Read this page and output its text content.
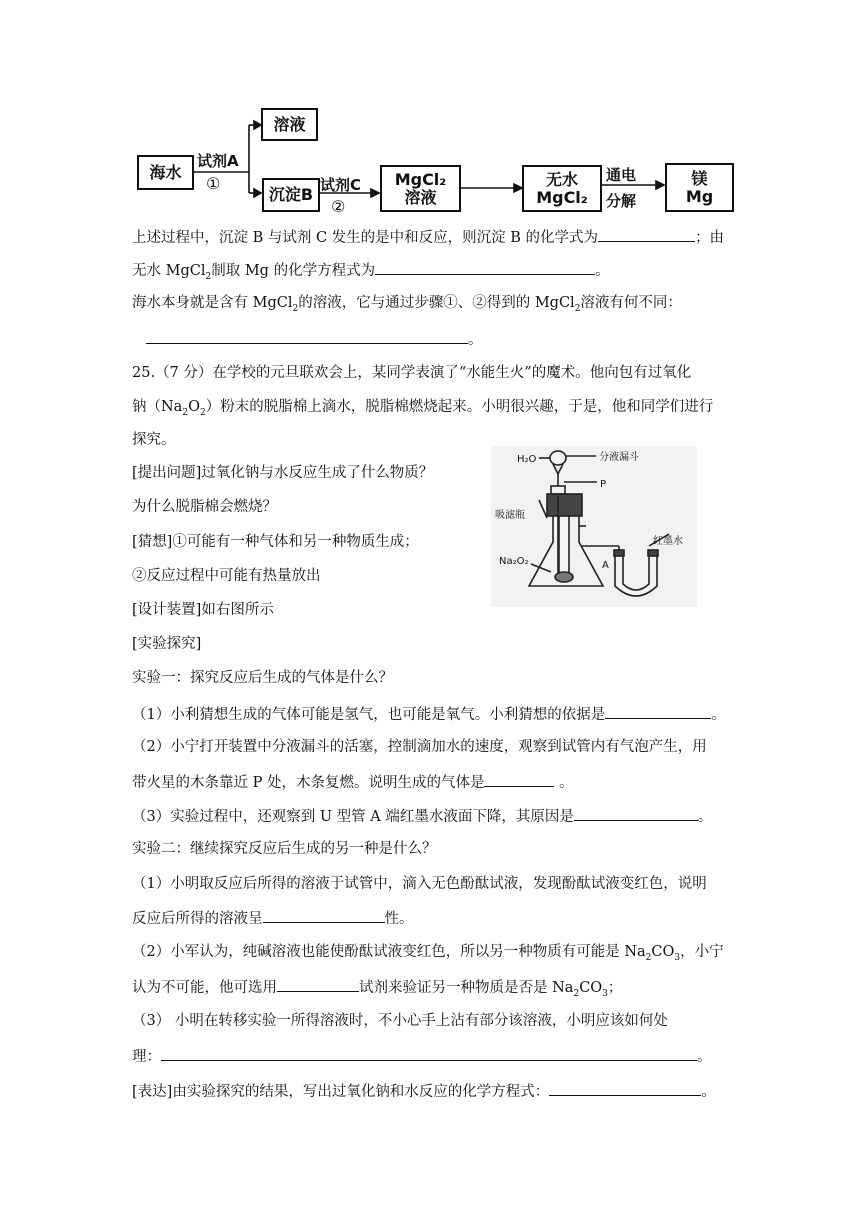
海水
溶液
试剂A
①
沉淀B 试剂C
②
MgCl₂
溶液
无水
MgCl₂
通电
分解
镁
Mg
上述过程中，沉淀 B 与试剂 C 发生的是中和反应，则沉淀 B 的化学式为	；由
无水 MgCl$_2$制取 Mg 的化学方程式为	。
海水本身就是含有 MgCl$_2$的溶液，它与通过步骤①、②得到的 MgCl$_2$溶液有何不同：
。
25.（7 分）在学校的元旦联欢会上，某同学表演了“水能生火”的魔术。他向包有过氧化
钠$(Na_2O_2)$粉末的脱脂棉上滴水，脱脂棉燃烧起来。小明很兴趣，于是，他和同学们进行
探究。
[提出问题]过氧化钠与水反应生成了什么物质？
为什么脱脂棉会燃烧？
[猜想]①可能有一种气体和另一种物质生成；
②反应过程中可能有热量放出
[设计装置]如右图所示
[实验探究]
H₂O	分液漏斗
P
吸滤瓶
Na₂O₂	A
红墨水
实验一：探究反应后生成的气体是什么？
（1）小利猜想生成的气体可能是氢气，也可能是氧气。小利猜想的依据是	。
（2）小宁打开装置中分液漏斗的活塞，控制滴加水的速度，观察到试管内有气泡产生，用
带火星的木条靠近 P 处，木条复燃。说明生成的气体是	。
（3）实验过程中，还观察到 U 型管 A 端红墨水液面下降，其原因是	。
实验二：继续探究反应后生成的另一种是什么？
（1）小明取反应后所得的溶液于试管中，滴入无色酚酞试液，发现酚酞试液变红色，说明
反应后所得的溶液呈	性。
（2）小军认为，纯碱溶液也能使酚酞试液变红色，所以另一种物质有可能是 $Na_2CO_3$，小宁
认为不可能，他可选用	试剂来验证另一种物质是否是 $Na_2CO_3$；
（3） 小明在转移实验一所得溶液时，不小心手上沾有部分该溶液，小明应该如何处
理：	。
[表达]由实验探究的结果，写出过氧化钠和水反应的化学方程式：	。
